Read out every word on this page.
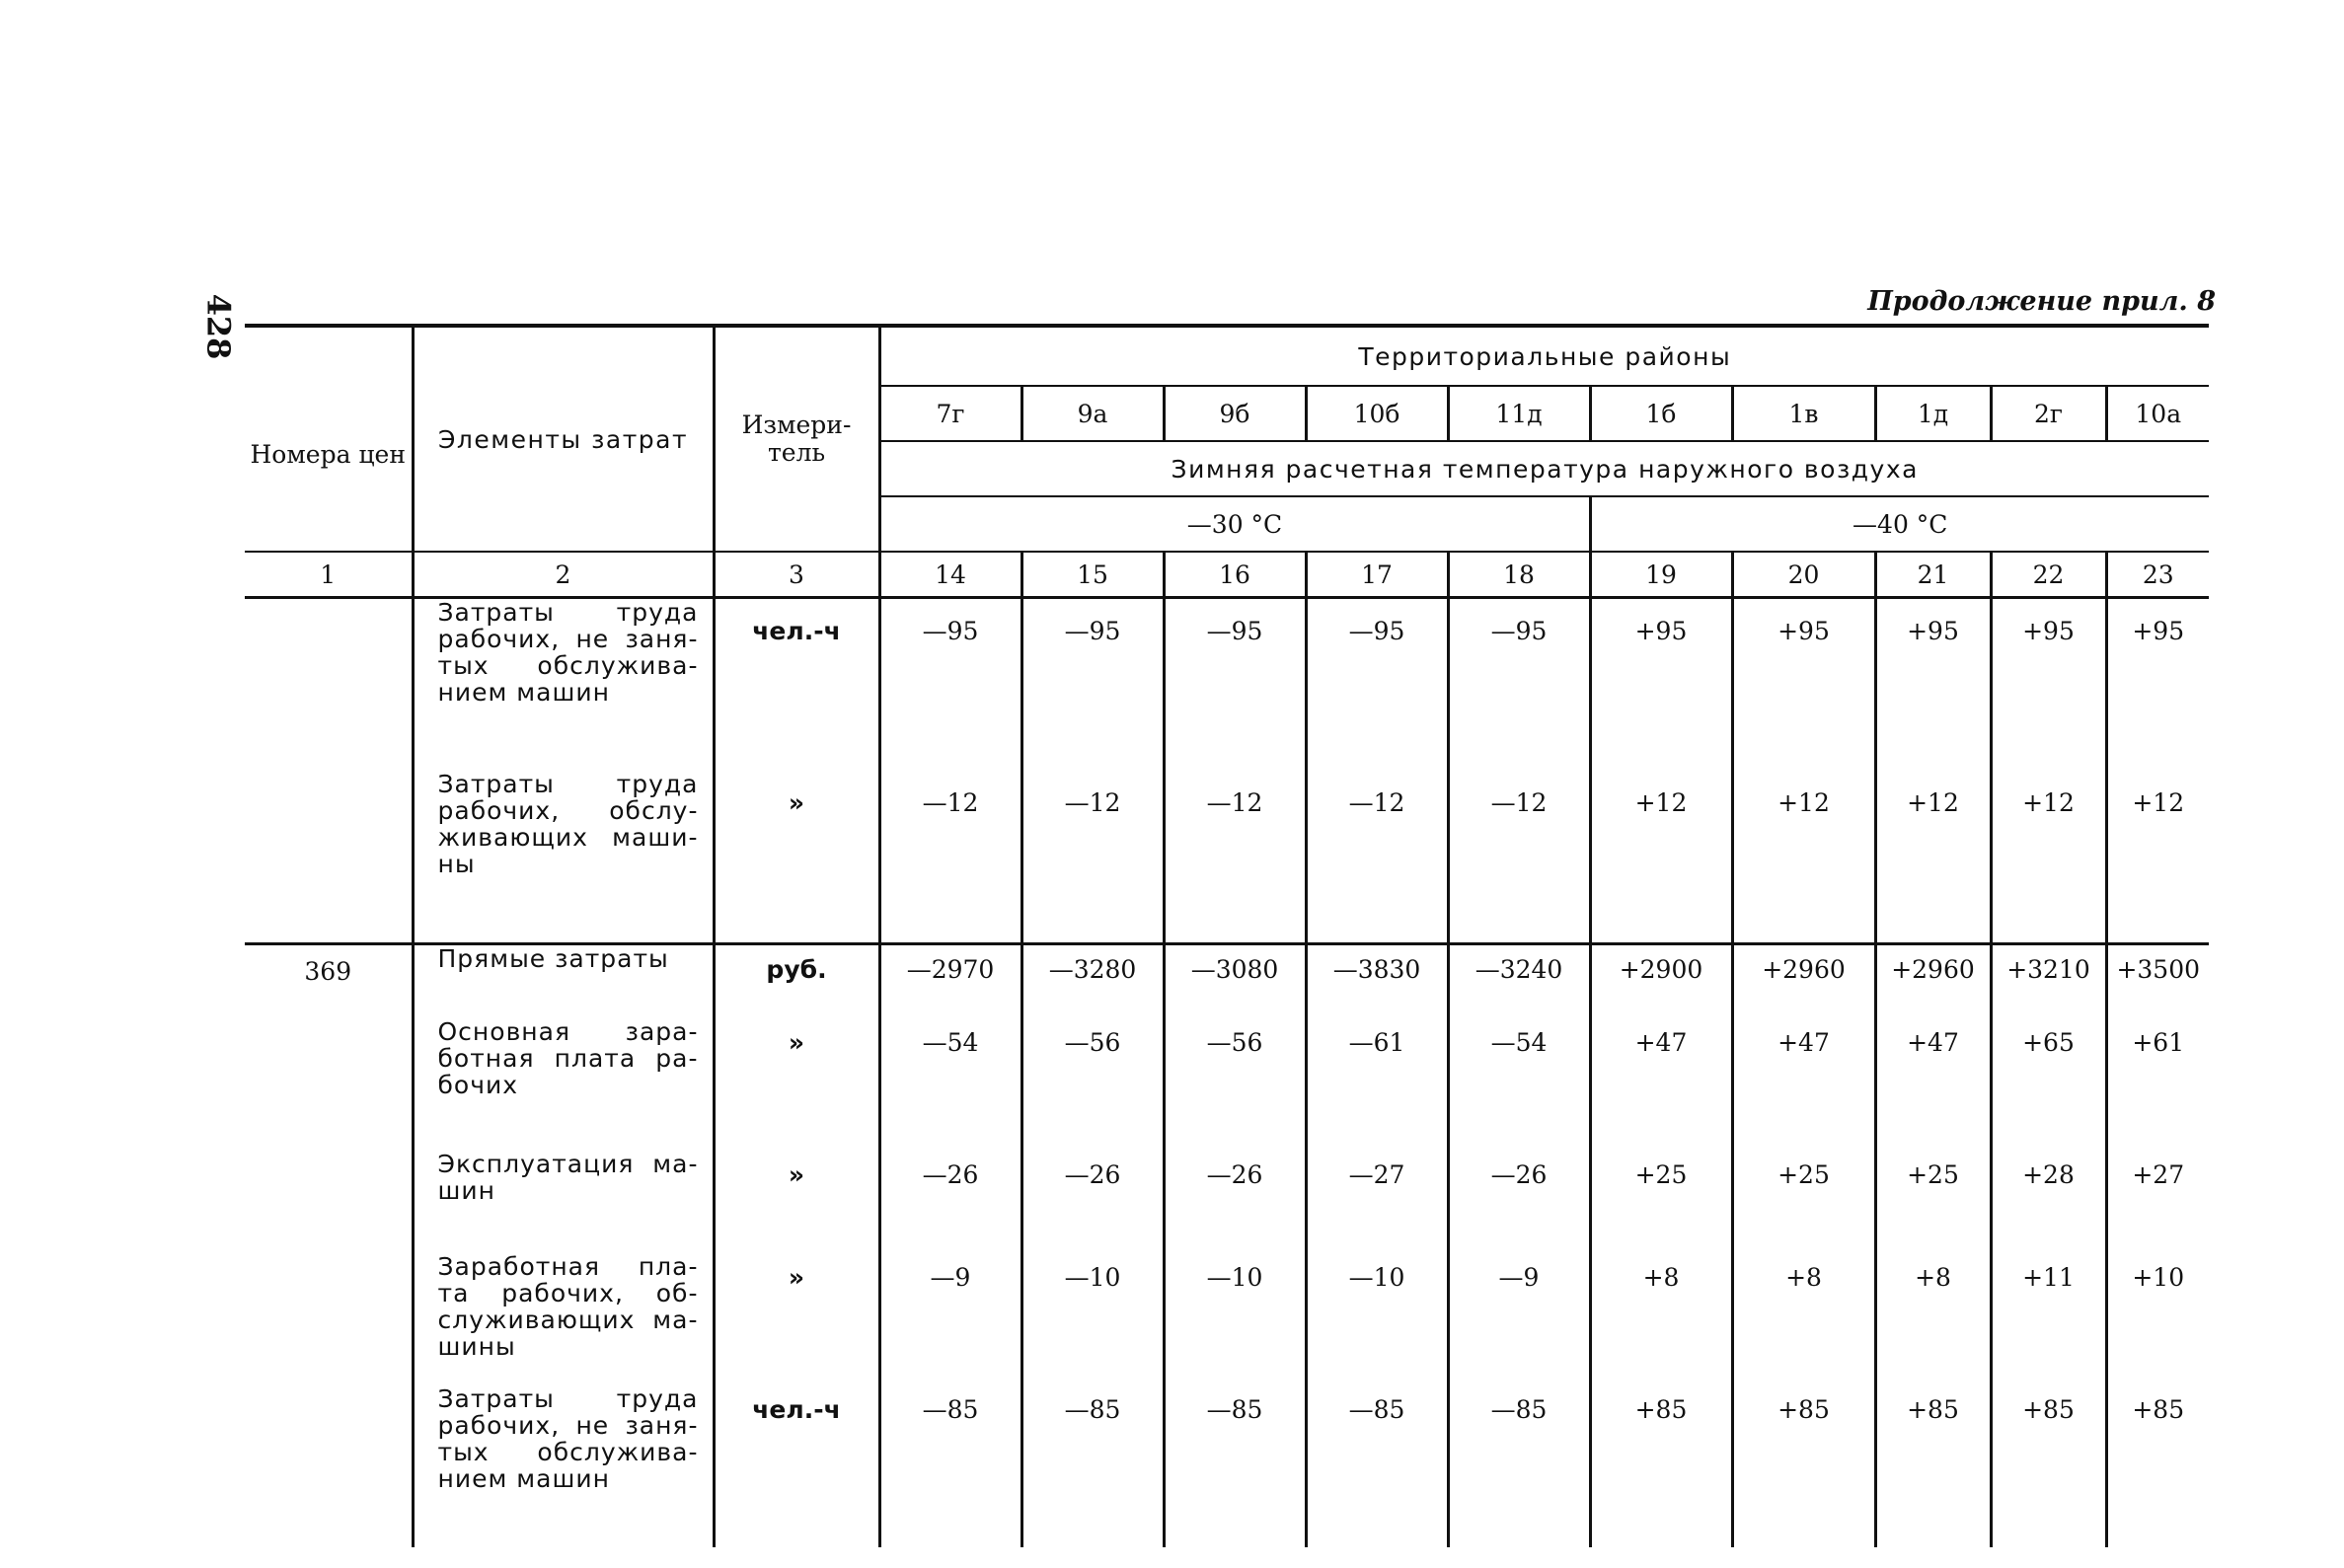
428	Продолжение прил. 8
Номера цен	Элементы затрат	Измери-тель	Территориальные районы									
			7г	9а	9б	10б	11д	1б	1в	1д	2г	10а
			Зимняя расчетная температура наружного воздуха									
			—30 °С					—40 °С				
1	2	3	14	15	16	17	18	19	20	21	22	23
	Затраты труда рабочих, не заня-тых обслужива-нием машин	чел.-ч	—95	—95	—95	—95	—95	+95	+95	+95	+95	+95
	Затраты труда рабочих, обслу-живающих маши-ны	»	—12	—12	—12	—12	—12	+12	+12	+12	+12	+12

369	Прямые затраты	руб.	—2970	—3280	—3080	—3830	—3240	+2900	+2960	+2960	+3210	+3500
	Основная зара-ботная плата ра-бочих	»	—54	—56	—56	—61	—54	+47	+47	+47	+65	+61
	Эксплуатация ма-шин	»	—26	—26	—26	—27	—26	+25	+25	+25	+28	+27
	Заработная пла-та рабочих, об-служивающих ма-шины	»	—9	—10	—10	—10	—9	+8	+8	+8	+11	+10
	Затраты труда рабочих, не заня-тых обслужива-нием машин	чел.-ч	—85	—85	—85	—85	—85	+85	+85	+85	+85	+85
